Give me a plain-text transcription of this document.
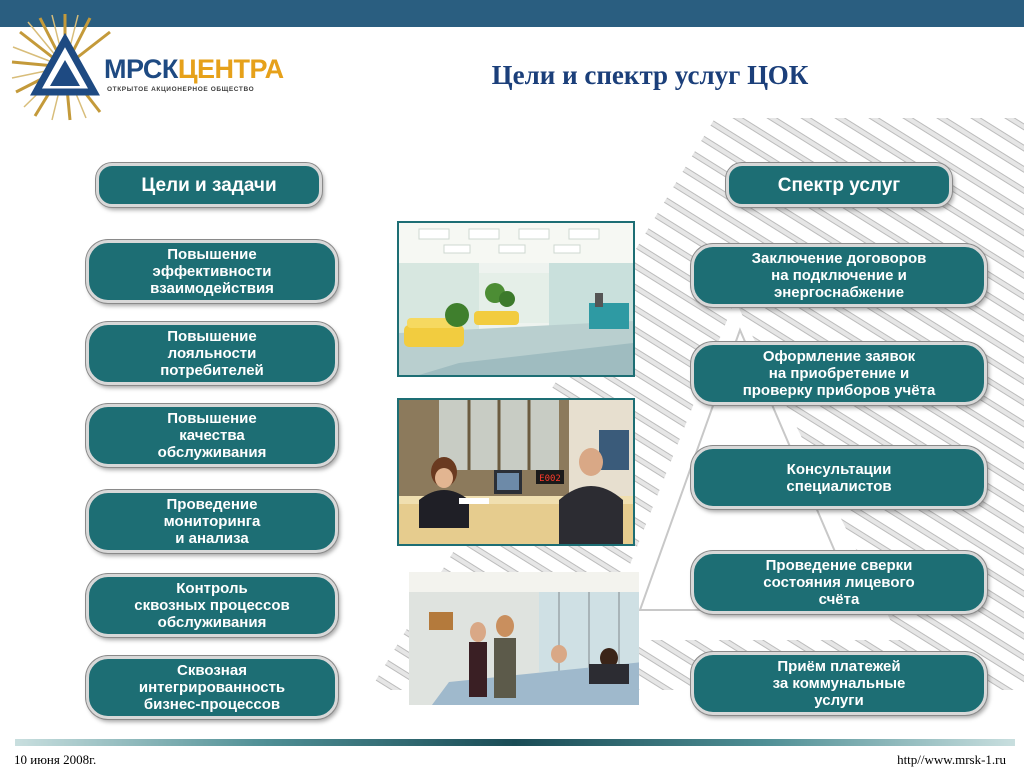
МРСКЦЕНТРА
ОТКРЫТОЕ АКЦИОНЕРНОЕ ОБЩЕСТВО	Цели и спектр услуг ЦОК
Цели и задачи
Повышение
эффективности
взаимодействия
Повышение
лояльности
потребителей
Повышение
качества
обслуживания
Проведение
мониторинга
и анализа
Контроль
сквозных процессов
обслуживания
Сквозная
интегрированность
бизнес-процессов
Спектр услуг
Заключение договоров
на подключение и
энергоснабжение
Оформление заявок
на приобретение и
проверку приборов учёта
Консультации
специалистов
Проведение сверки
состояния лицевого
счёта
Приём платежей
за коммунальные
услуги
E002
10 июня 2008г.	http//www.mrsk-1.ru
